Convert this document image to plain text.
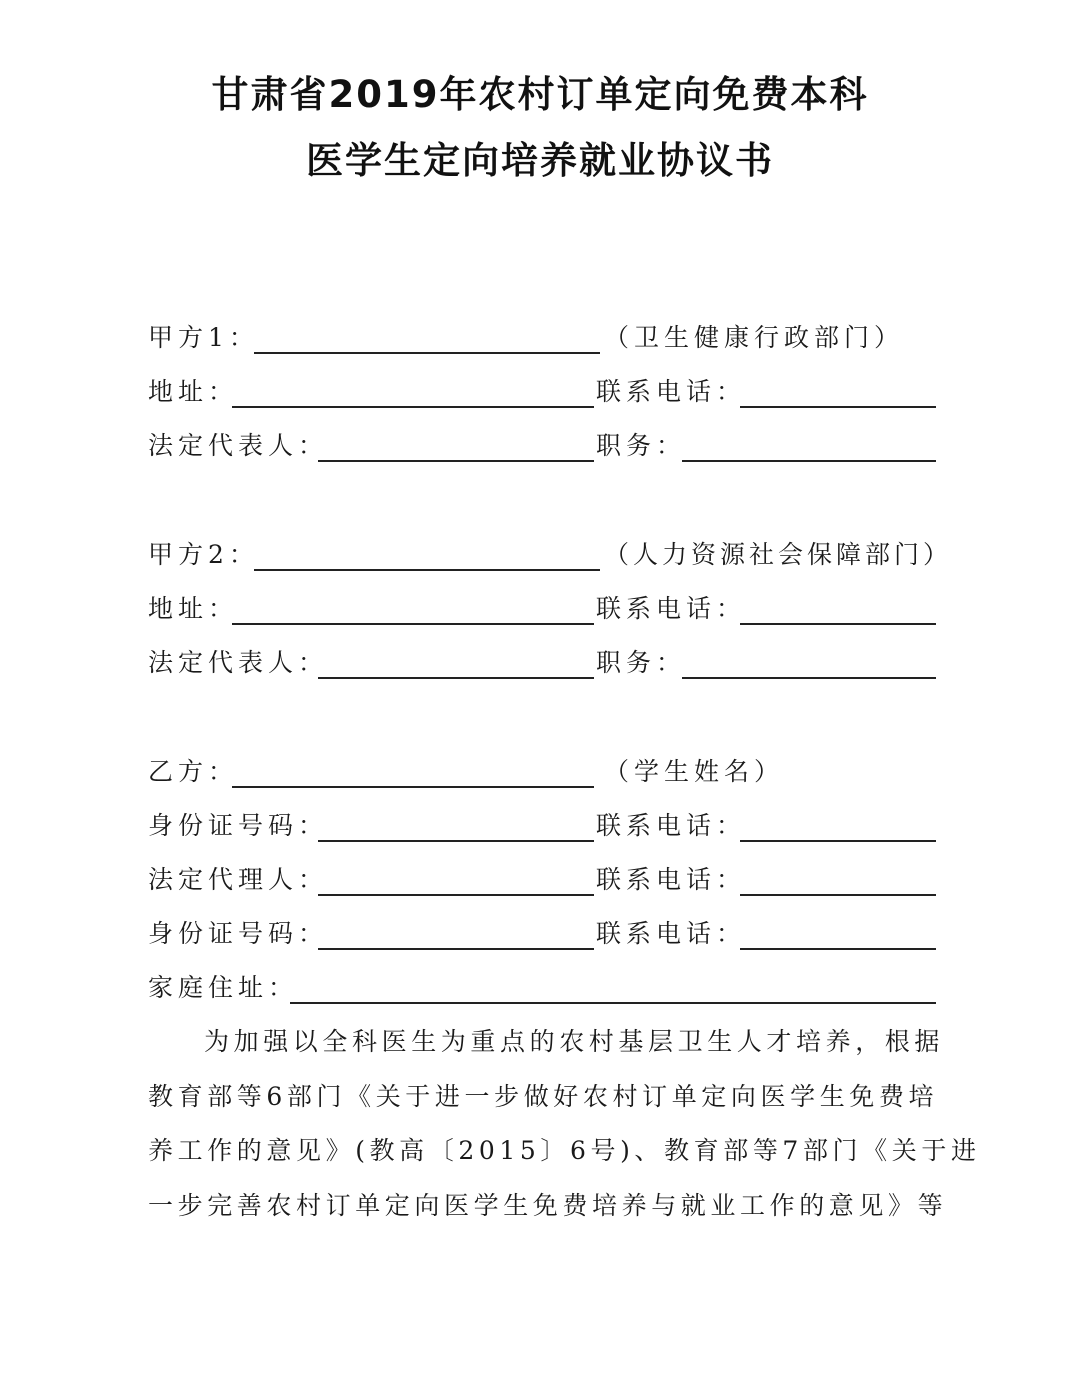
甘肃省2019年农村订单定向免费本科
医学生定向培养就业协议书
甲方1：	（卫生健康行政部门）
地址：	联系电话：
法定代表人：	职务：
甲方2：	（人力资源社会保障部门）
地址：	联系电话：
法定代表人：	职务：
乙方：	（学生姓名）
身份证号码：	联系电话：
法定代理人：	联系电话：
身份证号码：	联系电话：
家庭住址：
为加强以全科医生为重点的农村基层卫生人才培养，根据
教育部等6部门《关于进一步做好农村订单定向医学生免费培
养工作的意见》(教高〔2015〕6号)、教育部等7部门《关于进
一步完善农村订单定向医学生免费培养与就业工作的意见》等
